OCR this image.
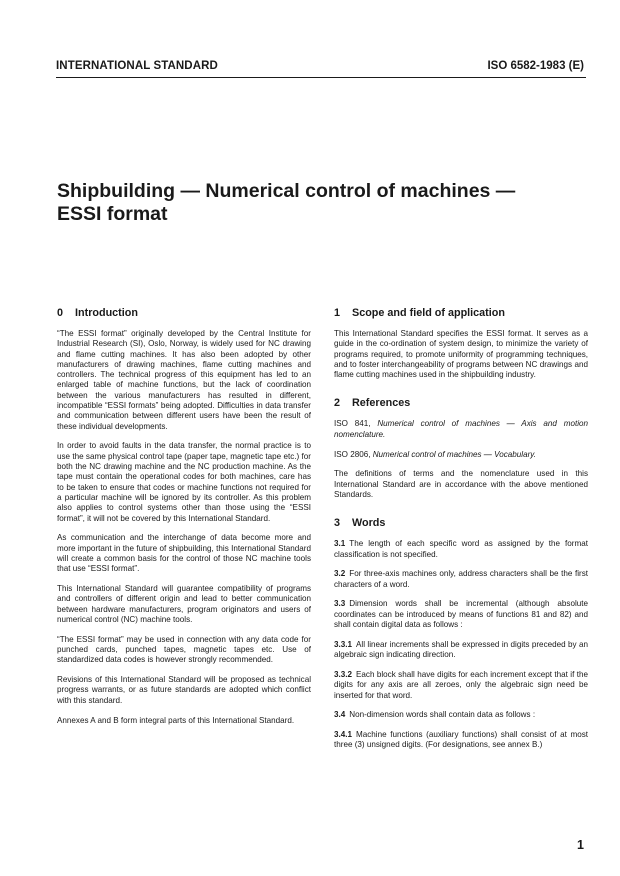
INTERNATIONAL STANDARD	ISO 6582-1983 (E)
Shipbuilding — Numerical control of machines —
ESSI format
0	Introduction

“The ESSI format” originally developed by the Central Institute for Industrial Research (SI), Oslo, Norway, is widely used for NC drawing and flame cutting machines. It has also been adopted by other manufacturers of drawing machines, flame cutting machines and controllers. The technical progress of this equipment has led to an enlarged table of machine functions, but the lack of coordination between the various manufacturers has resulted in different, incompatible “ESSI formats” being adopted. Difficulties in data transfer and communication between different users have been the result of these individual developments.

In order to avoid faults in the data transfer, the normal practice is to use the same physical control tape (paper tape, magnetic tape etc.) for both the NC drawing machine and the NC production machine. As the tape must contain the operational codes for both machines, care has to be taken to ensure that codes or machine functions not required for a particular machine will be ignored by its controller. As this problem also applies to control systems other than those using the “ESSI format”, it will not be covered by this International Standard.

As communication and the interchange of data become more and more important in the future of shipbuilding, this International Standard will create a common basis for the control of those NC machine tools that use “ESSI format”.

This International Standard will guarantee compatibility of programs and controllers of different origin and lead to better communication between hardware manufacturers, program originators and users of numerical control (NC) machine tools.

“The ESSI format” may be used in connection with any data code for punched cards, punched tapes, magnetic tapes etc. Use of standardized data codes is however strongly recommended.

Revisions of this International Standard will be proposed as technical progress warrants, or as future standards are adopted which conflict with this standard.

Annexes A and B form integral parts of this International Standard.

1	Scope and field of application

This International Standard specifies the ESSI format. It serves as a guide in the co-ordination of system design, to minimize the variety of programs required, to promote uniformity of programming techniques, and to foster interchangeability of programs between NC drawings and flame cutting machines used in the shipbuilding industry.

2	References

ISO 841, Numerical control of machines — Axis and motion nomenclature.

ISO 2806, Numerical control of machines — Vocabulary.

The definitions of terms and the nomenclature used in this International Standard are in accordance with the above mentioned Standards.

3	Words

3.1 The length of each specific word as assigned by the format classification is not specified.

3.2 For three-axis machines only, address characters shall be the first characters of a word.

3.3 Dimension words shall be incremental (although absolute coordinates can be introduced by means of functions 81 and 82) and shall contain digital data as follows :

3.3.1 All linear increments shall be expressed in digits preceded by an algebraic sign indicating direction.

3.3.2 Each block shall have digits for each increment except that if the digits for any axis are all zeroes, only the algebraic sign need be inserted for that word.

3.4 Non-dimension words shall contain data as follows :

3.4.1 Machine functions (auxiliary functions) shall consist of at most three (3) unsigned digits. (For designations, see annex B.)

1
